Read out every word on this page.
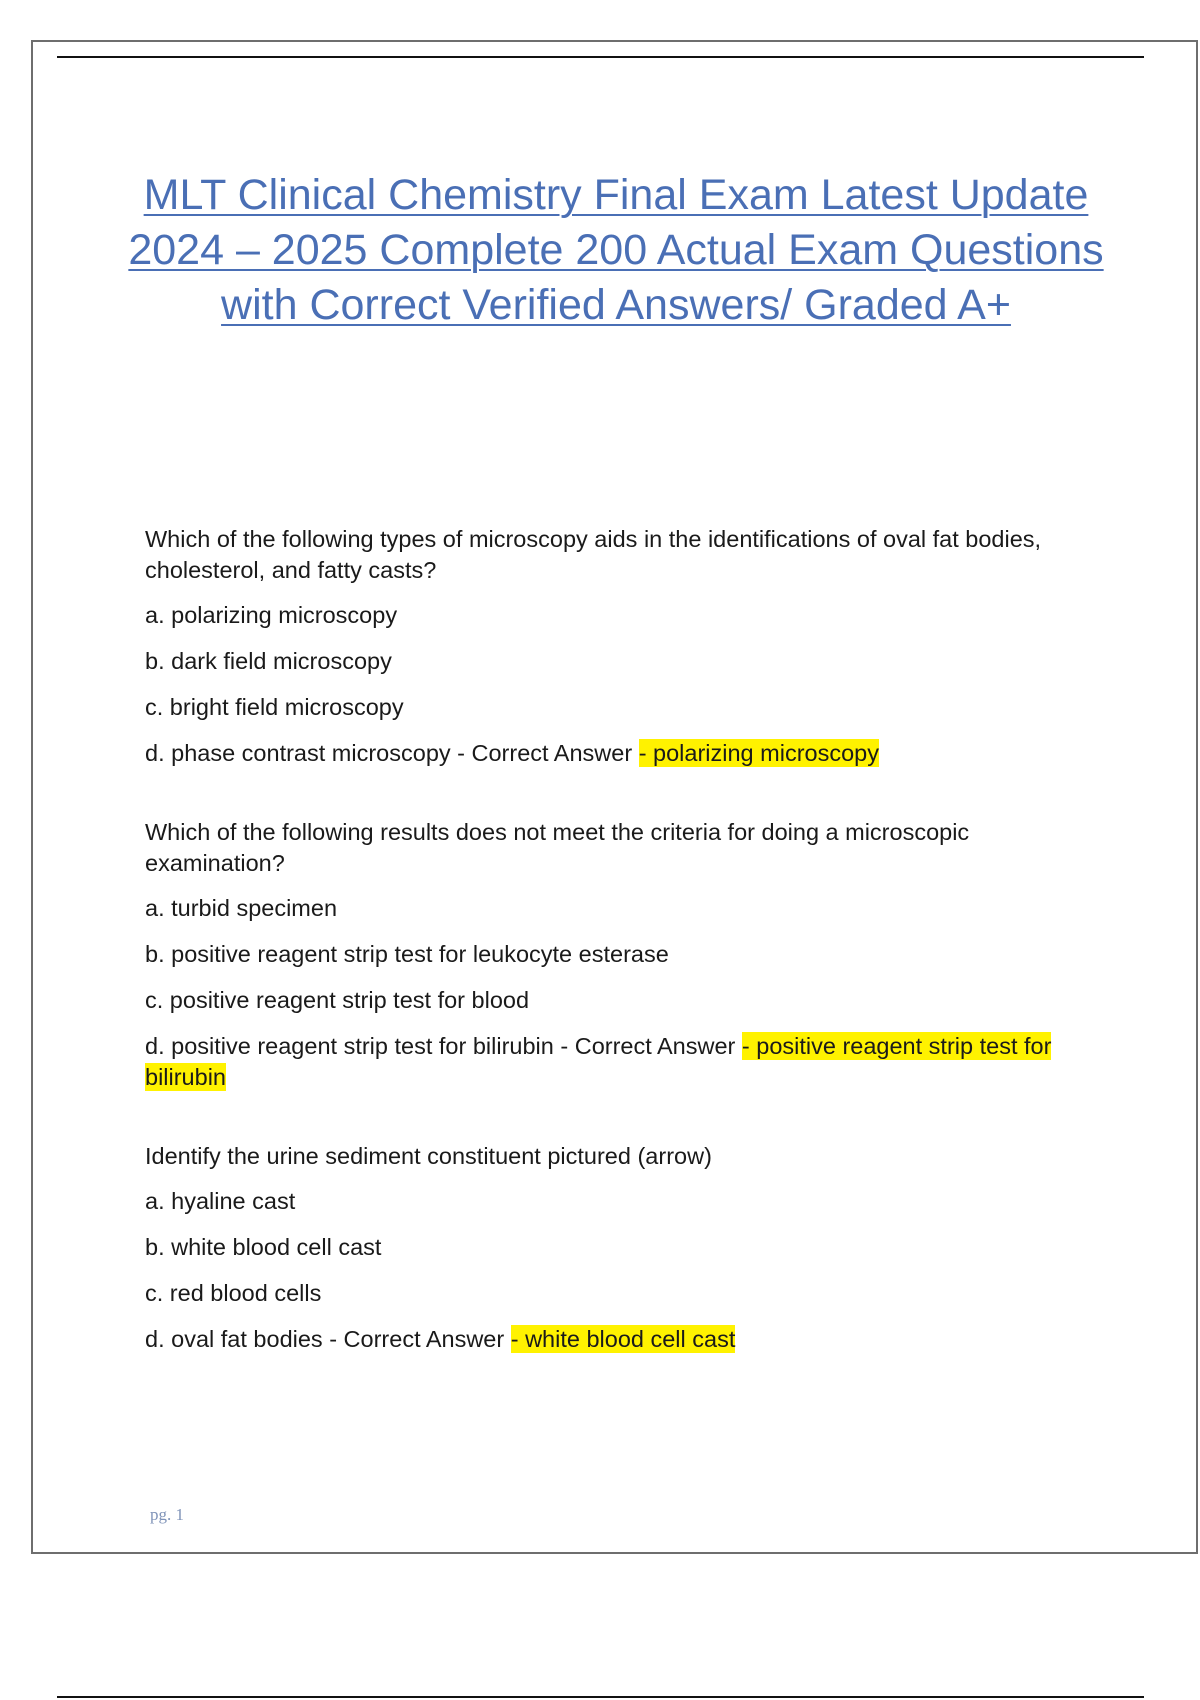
MLT Clinical Chemistry Final Exam Latest Update 2024 – 2025 Complete 200 Actual Exam Questions with Correct Verified Answers/ Graded A+

Which of the following types of microscopy aids in the identifications of oval fat bodies, cholesterol, and fatty casts?

a. polarizing microscopy

b. dark field microscopy

c. bright field microscopy

d. phase contrast microscopy - Correct Answer - polarizing microscopy

Which of the following results does not meet the criteria for doing a microscopic examination?

a. turbid specimen

b. positive reagent strip test for leukocyte esterase

c. positive reagent strip test for blood

d. positive reagent strip test for bilirubin - Correct Answer - positive reagent strip test for bilirubin

Identify the urine sediment constituent pictured (arrow)

a. hyaline cast

b. white blood cell cast

c. red blood cells

d. oval fat bodies - Correct Answer - white blood cell cast

pg. 1
